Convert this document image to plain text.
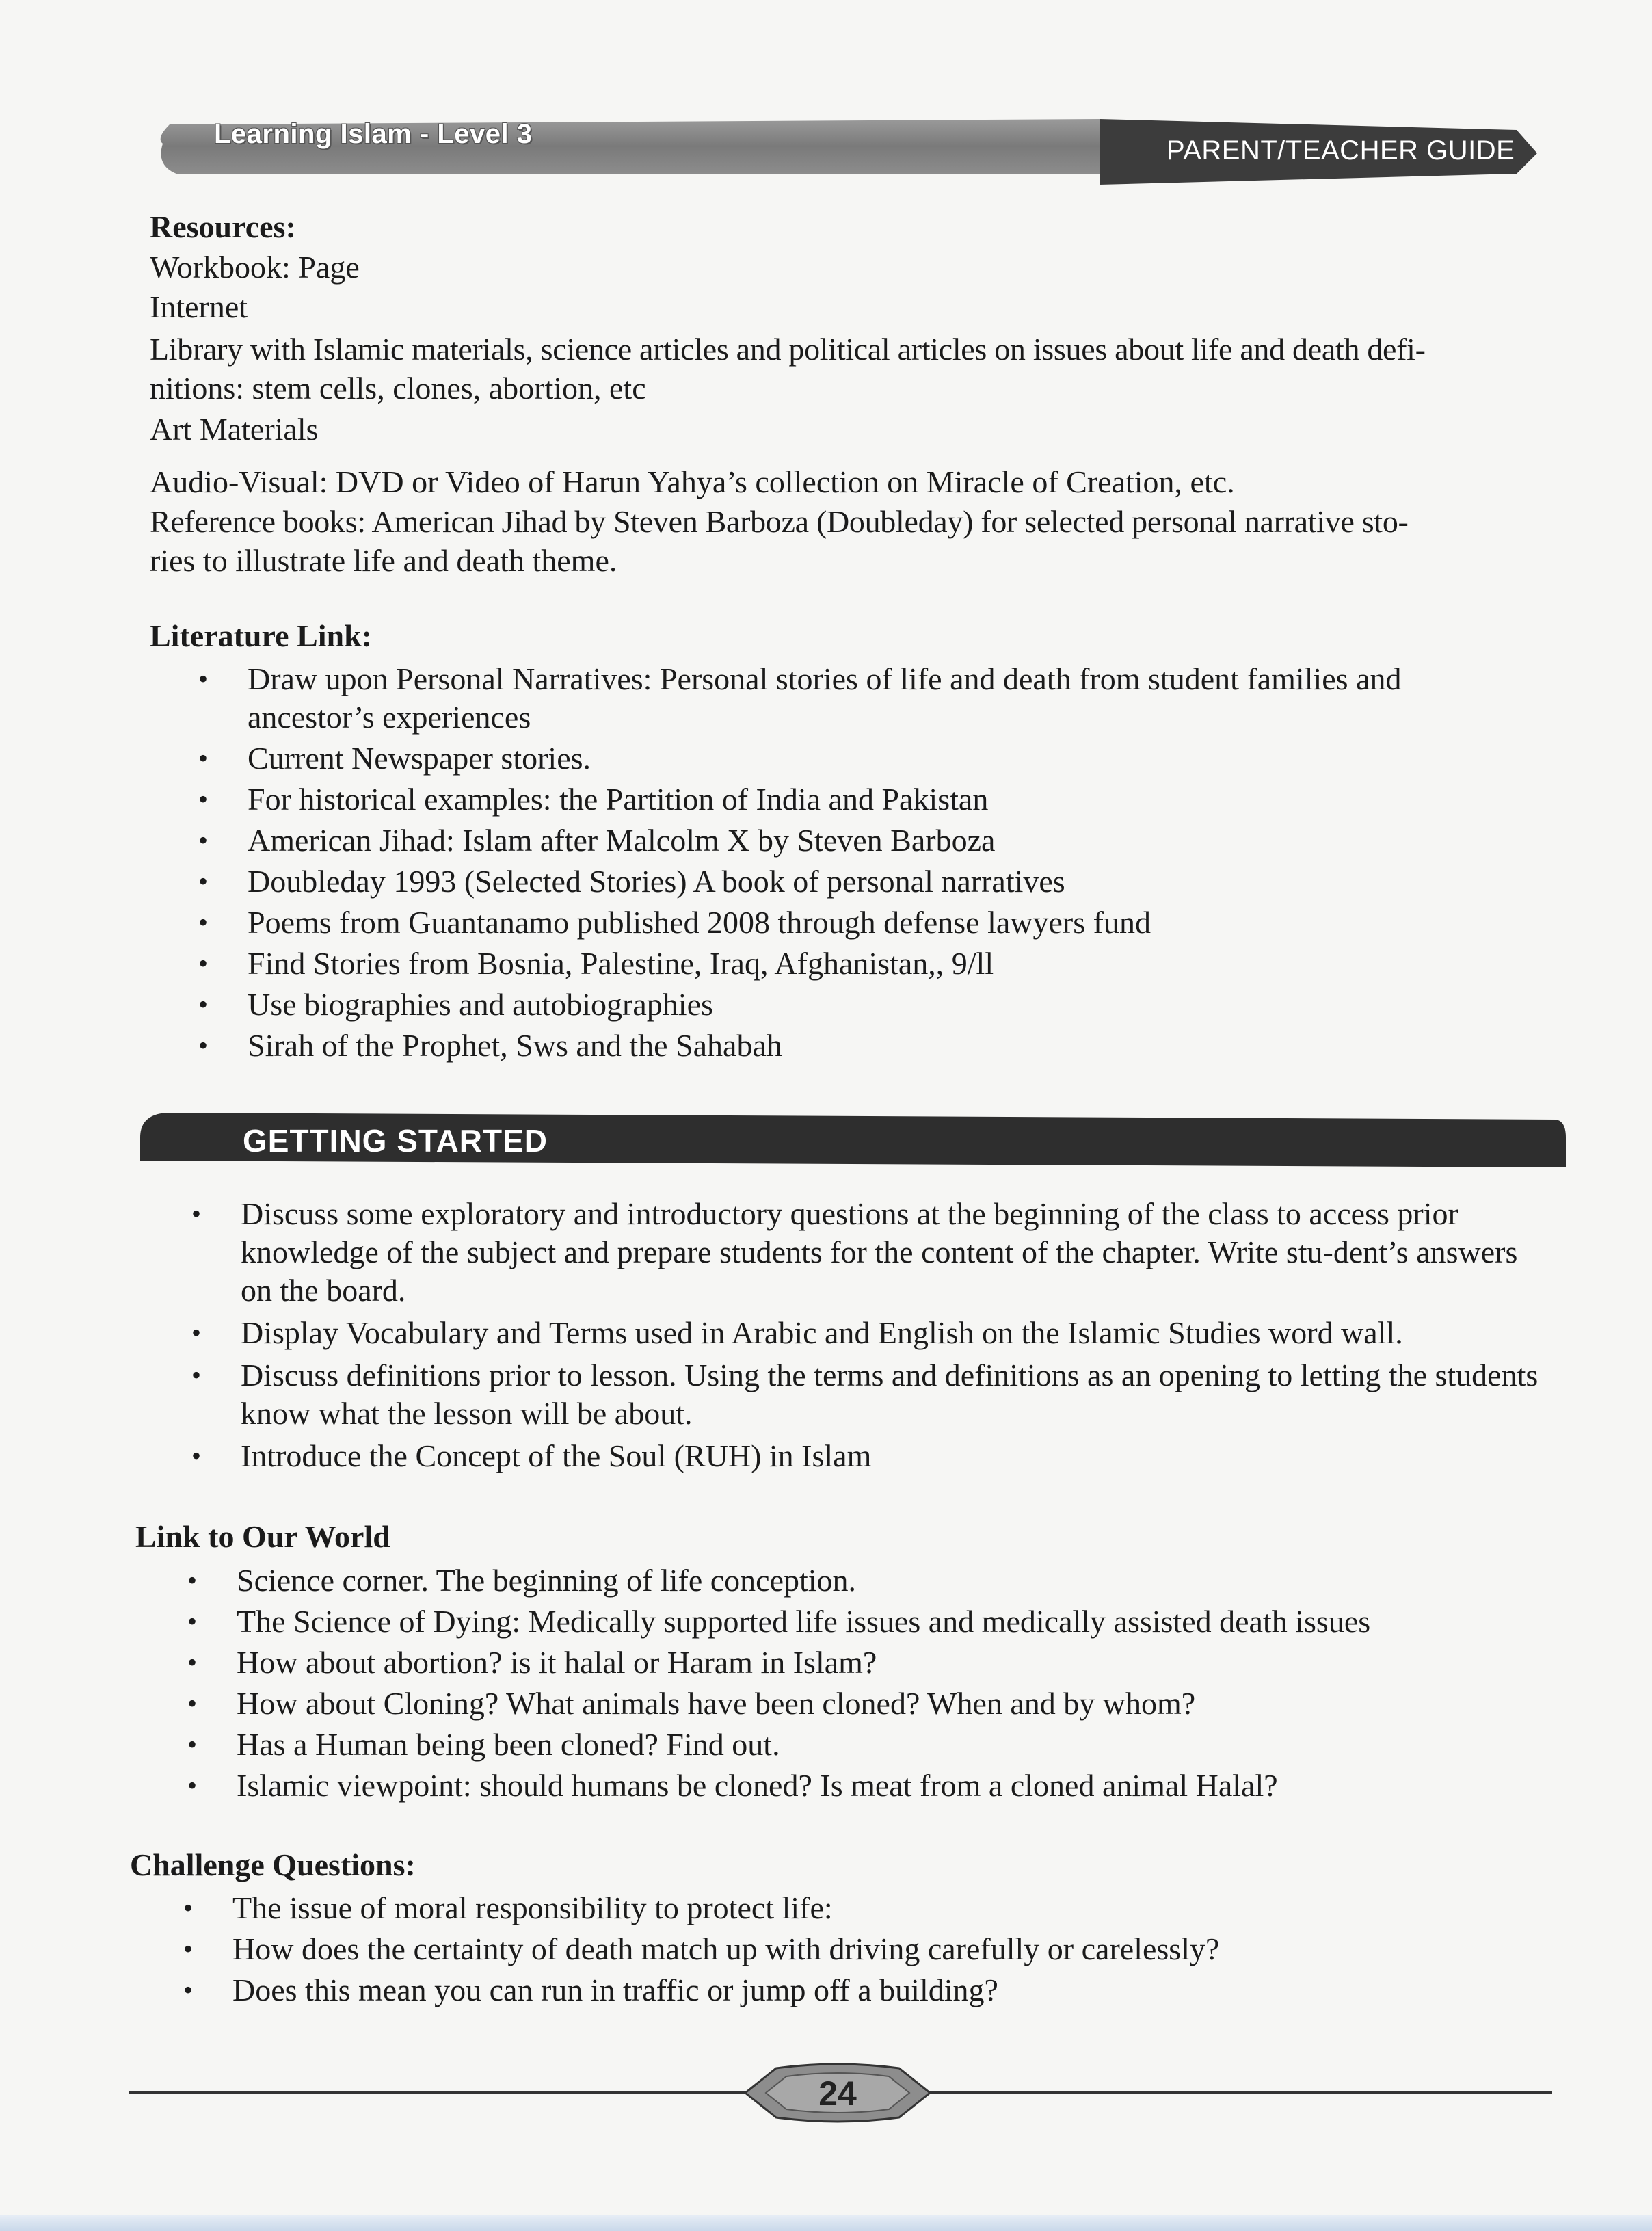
Learning Islam - Level 3
PARENT/TEACHER GUIDE
Resources:
Workbook: Page
Internet
Library with Islamic materials, science articles and political articles on issues about life and death defi-
nitions: stem cells, clones, abortion, etc
Art Materials
Audio-Visual: DVD or Video of Harun Yahya’s collection on Miracle of Creation, etc.
Reference books: American Jihad by Steven Barboza (Doubleday) for selected personal narrative sto-
ries to illustrate life and death theme.
Literature Link:
• Draw upon Personal Narratives: Personal stories of life and death from student families and ancestor’s experiences
• Current Newspaper stories.
• For historical examples: the Partition of India and Pakistan
• American Jihad: Islam after Malcolm X by Steven Barboza
• Doubleday 1993 (Selected Stories) A book of personal narratives
• Poems from Guantanamo published 2008 through defense lawyers fund
• Find Stories from Bosnia, Palestine, Iraq, Afghanistan,, 9/ll
• Use biographies and autobiographies
• Sirah of the Prophet, Sws and the Sahabah
GETTING STARTED
• Discuss some exploratory and introductory questions at the beginning of the class to access prior knowledge of the subject and prepare students for the content of the chapter. Write stu-dent’s answers on the board.
• Display Vocabulary and Terms used in Arabic and English on the Islamic Studies word wall.
• Discuss definitions prior to lesson. Using the terms and definitions as an opening to letting the students know what the lesson will be about.
• Introduce the Concept of the Soul (RUH) in Islam
Link to Our World
• Science corner. The beginning of life conception.
• The Science of Dying: Medically supported life issues and medically assisted death issues
• How about abortion? is it halal or Haram in Islam?
• How about Cloning? What animals have been cloned? When and by whom?
• Has a Human being been cloned? Find out.
• Islamic viewpoint: should humans be cloned? Is meat from a cloned animal Halal?
Challenge Questions:
• The issue of moral responsibility to protect life:
• How does the certainty of death match up with driving carefully or carelessly?
• Does this mean you can run in traffic or jump off a building?
24
